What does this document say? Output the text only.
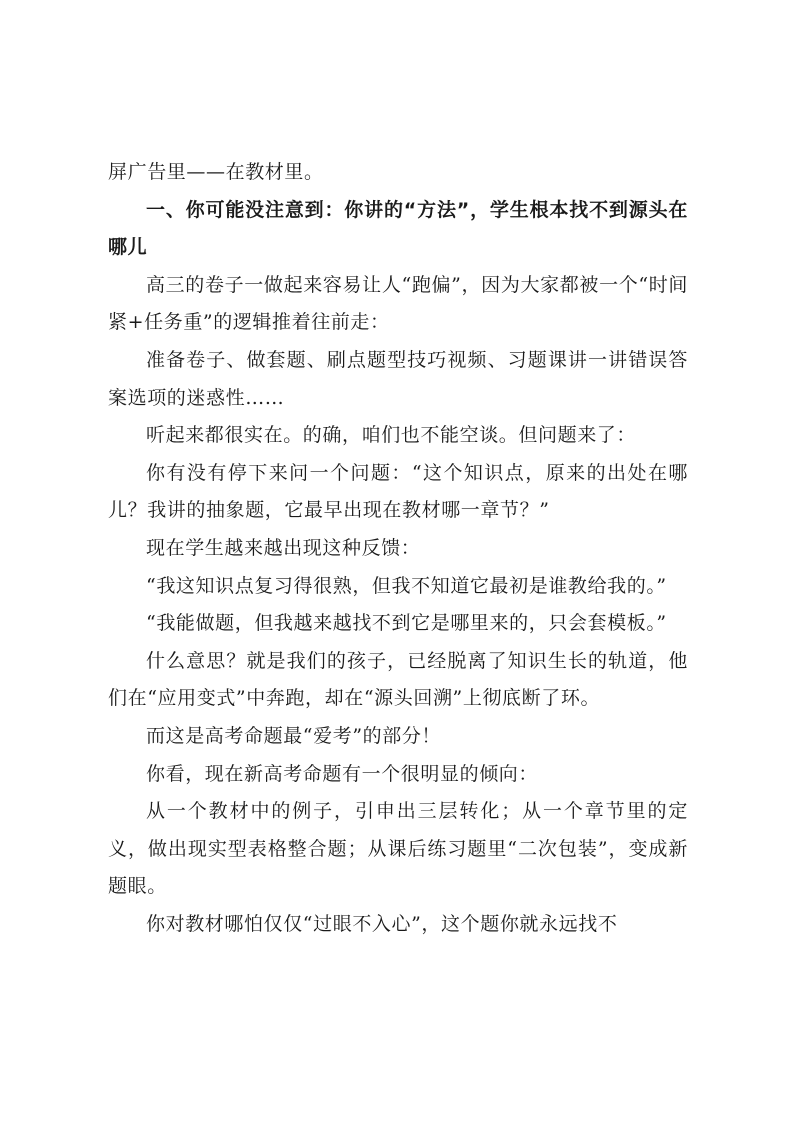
屏广告里——在教材里。

一、你可能没注意到：你讲的“方法”，学生根本找不到源头在哪儿

高三的卷子一做起来容易让人“跑偏”，因为大家都被一个“时间紧+任务重”的逻辑推着往前走：

准备卷子、做套题、刷点题型技巧视频、习题课讲一讲错误答案选项的迷惑性……

听起来都很实在。的确，咱们也不能空谈。但问题来了：

你有没有停下来问一个问题：“这个知识点，原来的出处在哪儿？我讲的抽象题，它最早出现在教材哪一章节？”

现在学生越来越出现这种反馈：

“我这知识点复习得很熟，但我不知道它最初是谁教给我的。”

“我能做题，但我越来越找不到它是哪里来的，只会套模板。”

什么意思？就是我们的孩子，已经脱离了知识生长的轨道，他们在“应用变式”中奔跑，却在“源头回溯”上彻底断了环。

而这是高考命题最“爱考”的部分！

你看，现在新高考命题有一个很明显的倾向：

从一个教材中的例子，引申出三层转化；从一个章节里的定义，做出现实型表格整合题；从课后练习题里“二次包装”，变成新题眼。

你对教材哪怕仅仅“过眼不入心”，这个题你就永远找不
